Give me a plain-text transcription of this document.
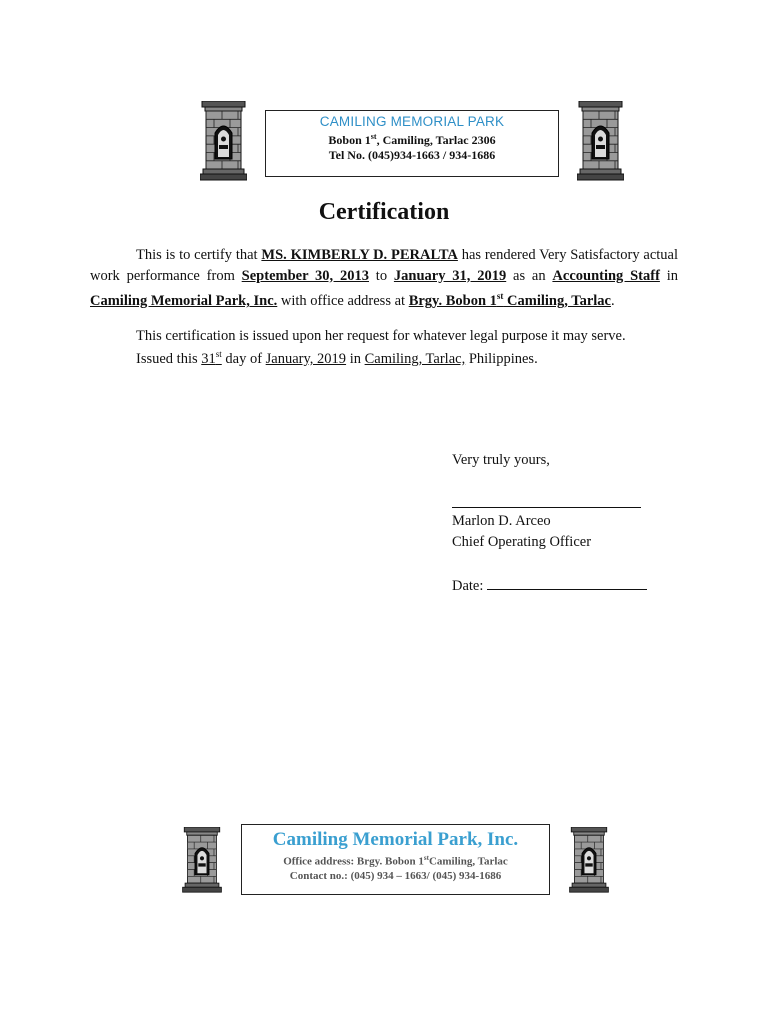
CAMILING MEMORIAL PARK
Bobon 1st, Camiling, Tarlac 2306
Tel No. (045)934-1663 / 934-1686
Certification
This is to certify that MS. KIMBERLY D. PERALTA has rendered Very Satisfactory actual work performance from September 30, 2013 to January 31, 2019 as an Accounting Staff in Camiling Memorial Park, Inc. with office address at Brgy. Bobon 1st Camiling, Tarlac.
This certification is issued upon her request for whatever legal purpose it may serve.
Issued this 31st day of January, 2019 in Camiling, Tarlac, Philippines.
Very truly yours,
Marlon D. Arceo
Chief Operating Officer
Date:
Camiling Memorial Park, Inc.
Office address: Brgy. Bobon 1stCamiling, Tarlac
Contact no.: (045) 934 – 1663/ (045) 934-1686
